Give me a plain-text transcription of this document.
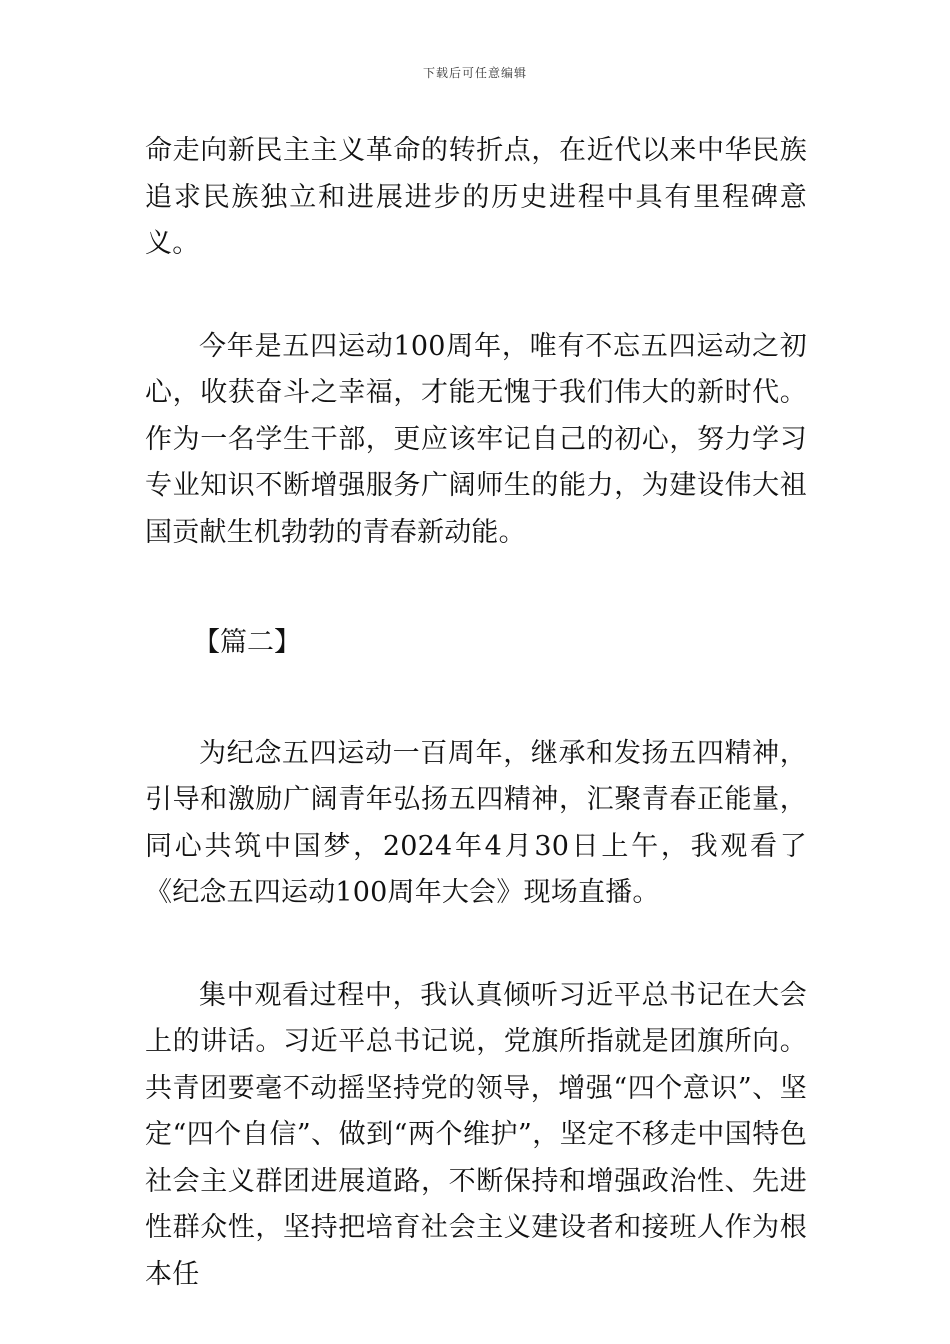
下载后可任意编辑

命走向新民主主义革命的转折点，在近代以来中华民族追求民族独立和进展进步的历史进程中具有里程碑意义。

今年是五四运动100周年，唯有不忘五四运动之初心，收获奋斗之幸福，才能无愧于我们伟大的新时代。作为一名学生干部，更应该牢记自己的初心，努力学习专业知识不断增强服务广阔师生的能力，为建设伟大祖国贡献生机勃勃的青春新动能。

【篇二】

为纪念五四运动一百周年，继承和发扬五四精神，引导和激励广阔青年弘扬五四精神，汇聚青春正能量，同心共筑中国梦，2024年4月30日上午，我观看了《纪念五四运动100周年大会》现场直播。

集中观看过程中，我认真倾听习近平总书记在大会上的讲话。习近平总书记说，党旗所指就是团旗所向。共青团要毫不动摇坚持党的领导，增强“四个意识”、坚定“四个自信”、做到“两个维护”，坚定不移走中国特色社会主义群团进展道路，不断保持和增强政治性、先进性群众性，坚持把培育社会主义建设者和接班人作为根本任
